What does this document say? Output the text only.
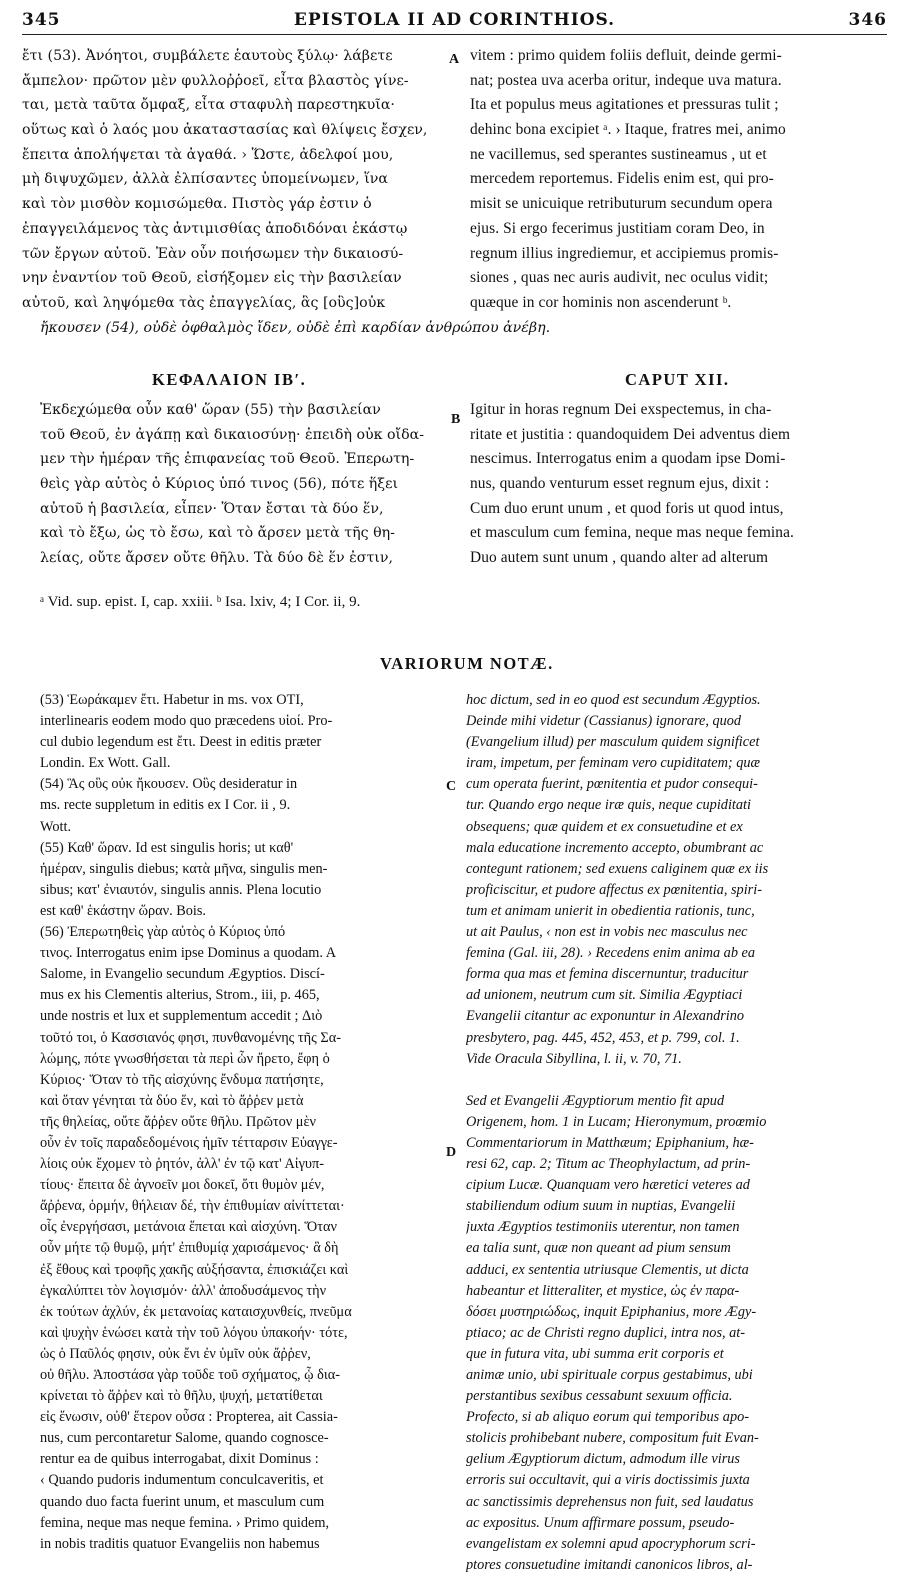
345	EPISTOLA II AD CORINTHIOS.	346
A
B
C
D
ἔτι (53). Ἀνόητοι, συμβάλετε ἑαυτοὺς ξύλῳ· λάβετε
ἄμπελον· πρῶτον μὲν φυλλοῤῥοεῖ, εἶτα βλαστὸς γίνε-
ται, μετὰ ταῦτα ὄμφαξ, εἶτα σταφυλὴ παρεστηκυῖα·
οὕτως καὶ ὁ λαός μου ἀκαταστασίας καὶ θλίψεις ἔσχεν,
ἔπειτα ἀπολήψεται τὰ ἀγαθά. › Ὥστε, ἀδελφοί μου,
μὴ διψυχῶμεν, ἀλλὰ ἐλπίσαντες ὑπομείνωμεν, ἵνα
καὶ τὸν μισθὸν κομισώμεθα. Πιστὸς γάρ ἐστιν ὁ
ἐπαγγειλάμενος τὰς ἀντιμισθίας ἀποδιδόναι ἑκάστῳ
τῶν ἔργων αὐτοῦ. Ἐὰν οὖν ποιήσωμεν τὴν δικαιοσύ-
νην ἐναντίον τοῦ Θεοῦ, εἰσήξομεν εἰς τὴν βασιλείαν
αὐτοῦ, καὶ ληψόμεθα τὰς ἐπαγγελίας, ἃς [οὓς]οὐκ
vitem : primo quidem foliis defluit, deinde germi-
nat; postea uva acerba oritur, indeque uva matura.
Ita et populus meus agitationes et pressuras tulit ;
dehinc bona excipiet ᵃ. › Itaque, fratres mei, animo
ne vacillemus, sed sperantes sustineamus , ut et
mercedem reportemus. Fidelis enim est, qui pro-
misit se unicuique retributurum secundum opera
ejus. Si ergo fecerimus justitiam coram Deo, in
regnum illius ingrediemur, et accipiemus promis-
siones , quas nec auris audivit, nec oculus vidit;
quæque in cor hominis non ascenderunt ᵇ.
ἤκουσεν (54), οὐδὲ ὀφθαλμὸς ἴδεν, οὐδὲ ἐπὶ καρδίαν ἀνθρώπου ἀνέβη.
ΚΕΦΑΛΑΙΟΝ ΙΒʹ.	CAPUT XII.
Ἐκδεχώμεθα οὖν καθ' ὥραν (55) τὴν βασιλείαν
τοῦ Θεοῦ, ἐν ἀγάπῃ καὶ δικαιοσύνῃ· ἐπειδὴ οὐκ οἴδα-
μεν τὴν ἡμέραν τῆς ἐπιφανείας τοῦ Θεοῦ. Ἐπερωτη-
θεὶς γὰρ αὐτὸς ὁ Κύριος ὑπό τινος (56), πότε ἥξει
αὐτοῦ ἡ βασιλεία, εἶπεν· Ὅταν ἔσται τὰ δύο ἕν,
καὶ τὸ ἔξω, ὡς τὸ ἔσω, καὶ τὸ ἄρσεν μετὰ τῆς θη-
λείας, οὔτε ἄρσεν οὔτε θῆλυ. Τὰ δύο δὲ ἕν ἐστιν,
Igitur in horas regnum Dei exspectemus, in cha-
ritate et justitia : quandoquidem Dei adventus diem
nescimus. Interrogatus enim a quodam ipse Domi-
nus, quando venturum esset regnum ejus, dixit :
Cum duo erunt unum , et quod foris ut quod intus,
et masculum cum femina, neque mas neque femina.
Duo autem sunt unum , quando alter ad alterum
ᵃ Vid. sup. epist. I, cap. xxiii. ᵇ Isa. lxiv, 4; I Cor. ii, 9.
VARIORUM NOTÆ.
(53) Ἑωράκαμεν ἔτι. Habetur in ms. vox OTI,
interlinearis eodem modo quo præcedens υἱοί. Pro-
cul dubio legendum est ἔτι. Deest in editis præter
Londin. Ex Wott. Gall.
(54) Ἃς οὓς οὐκ ἤκουσεν. Οὓς desideratur in
ms. recte suppletum in editis ex I Cor. ii , 9.
Wott.
(55) Καθ' ὥραν. Id est singulis horis; ut καθ'
ἡμέραν, singulis diebus; κατὰ μῆνα, singulis men-
sibus; κατ' ἐνιαυτόν, singulis annis. Plena locutio
est καθ' ἑκάστην ὥραν. Bois.
(56) Ἐπερωτηθεὶς γὰρ αὐτὸς ὁ Κύριος ὑπό
τινος. Interrogatus enim ipse Dominus a quodam. A
Salome, in Evangelio secundum Ægyptios. Discí-
mus ex his Clementis alterius, Strom., iii, p. 465,
unde nostris et lux et supplementum accedit ; Διὸ
τοῦτό τοι, ὁ Κασσιανός φησι, πυνθανομένης τῆς Σα-
λώμης, πότε γνωσθήσεται τὰ περὶ ὧν ἤρετο, ἔφη ὁ
Κύριος· Ὅταν τὸ τῆς αἰσχύνης ἔνδυμα πατήσητε,
καὶ ὅταν γένηται τὰ δύο ἕν, καὶ τὸ ἄῤῥεν μετὰ
τῆς θηλείας, οὔτε ἄῤῥεν οὔτε θῆλυ. Πρῶτον μὲν
οὖν ἐν τοῖς παραδεδομένοις ἡμῖν τέτταρσιν Εὐαγγε-
λίοις οὐκ ἔχομεν τὸ ῥητόν, ἀλλ' ἐν τῷ κατ' Αἰγυπ-
τίους· ἔπειτα δὲ ἀγνοεῖν μοι δοκεῖ, ὅτι θυμὸν μέν,
ἄῤῥενα, ὁρμήν, θήλειαν δέ, τὴν ἐπιθυμίαν αἰνίττεται·
οἷς ἐνεργήσασι, μετάνοια ἕπεται καὶ αἰσχύνη. Ὅταν
οὖν μήτε τῷ θυμῷ, μήτ' ἐπιθυμίᾳ χαρισάμενος· ἃ δὴ
ἐξ ἔθους καὶ τροφῆς χακῆς αὐξήσαντα, ἐπισκιάζει καὶ
ἐγκαλύπτει τὸν λογισμόν· ἀλλ' ἀποδυσάμενος τὴν
ἐκ τούτων ἀχλύν, ἐκ μετανοίας καταισχυνθείς, πνεῦμα
καὶ ψυχὴν ἑνώσει κατὰ τὴν τοῦ λόγου ὑπακοήν· τότε,
ὡς ὁ Παῦλός φησιν, οὐκ ἔνι ἐν ὑμῖν οὐκ ἄῤῥεν,
οὐ θῆλυ. Ἀποστάσα γὰρ τοῦδε τοῦ σχήματος, ᾧ δια-
κρίνεται τὸ ἄῤῥεν καὶ τὸ θῆλυ, ψυχή, μετατίθεται
εἰς ἕνωσιν, οὐθ' ἕτερον οὖσα : Propterea, ait Cassia-
nus, cum percontaretur Salome, quando cognosce-
rentur ea de quibus interrogabat, dixit Dominus :
‹ Quando pudoris indumentum conculcaveritis, et
quando duo facta fuerint unum, et masculum cum
femina, neque mas neque femina. › Primo quidem,
in nobis traditis quatuor Evangeliis non habemus
hoc dictum, sed in eo quod est secundum Ægyptios.
Deinde mihi videtur (Cassianus) ignorare, quod
(Evangelium illud) per masculum quidem significet
iram, impetum, per feminam vero cupiditatem; quæ
cum operata fuerint, pœnitentia et pudor consequi-
tur. Quando ergo neque iræ quis, neque cupiditati
obsequens; quæ quidem et ex consuetudine et ex
mala educatione incremento accepto, obumbrant ac
contegunt rationem; sed exuens caliginem quæ ex iis
proficiscitur, et pudore affectus ex pœnitentia, spiri-
tum et animam unierit in obedientia rationis, tunc,
ut ait Paulus, ‹ non est in vobis nec masculus nec
femina (Gal. iii, 28). › Recedens enim anima ab ea
forma qua mas et femina discernuntur, traducitur
ad unionem, neutrum cum sit. Similia Ægyptiaci
Evangelii citantur ac exponuntur in Alexandrino
presbytero, pag. 445, 452, 453, et p. 799, col. 1.
Vide Oracula Sibyllina, l. ii, v. 70, 71.
Sed et Evangelii Ægyptiorum mentio fit apud
Origenem, hom. 1 in Lucam; Hieronymum, proœmio
Commentariorum in Matthæum; Epiphanium, hæ-
resi 62, cap. 2; Titum ac Theophylactum, ad prin-
cipium Lucæ. Quanquam vero hæretici veteres ad
stabiliendum odium suum in nuptias, Evangelii
juxta Ægyptios testimoniis uterentur, non tamen
ea talia sunt, quæ non queant ad pium sensum
adduci, ex sententia utriusque Clementis, ut dicta
habeantur et litteraliter, et mystice, ὡς ἐν παρα-
δόσει μυστηριώδως, inquit Epiphanius, more Ægy-
ptiaco; ac de Christi regno duplici, intra nos, at-
que in futura vita, ubi summa erit corporis et
animæ unio, ubi spirituale corpus gestabimus, ubi
perstantibus sexibus cessabunt sexuum officia.
Profecto, si ab aliquo eorum qui temporibus apo-
stolicis prohibebant nubere, compositum fuit Evan-
gelium Ægyptiorum dictum, admodum ille virus
erroris sui occultavit, qui a viris doctissimis juxta
ac sanctissimis deprehensus non fuit, sed laudatus
ac expositus. Unum affirmare possum, pseudo-
evangelistam ex solemni apud apocryphorum scri-
ptores consuetudine imitandi canonicos libros, al-
